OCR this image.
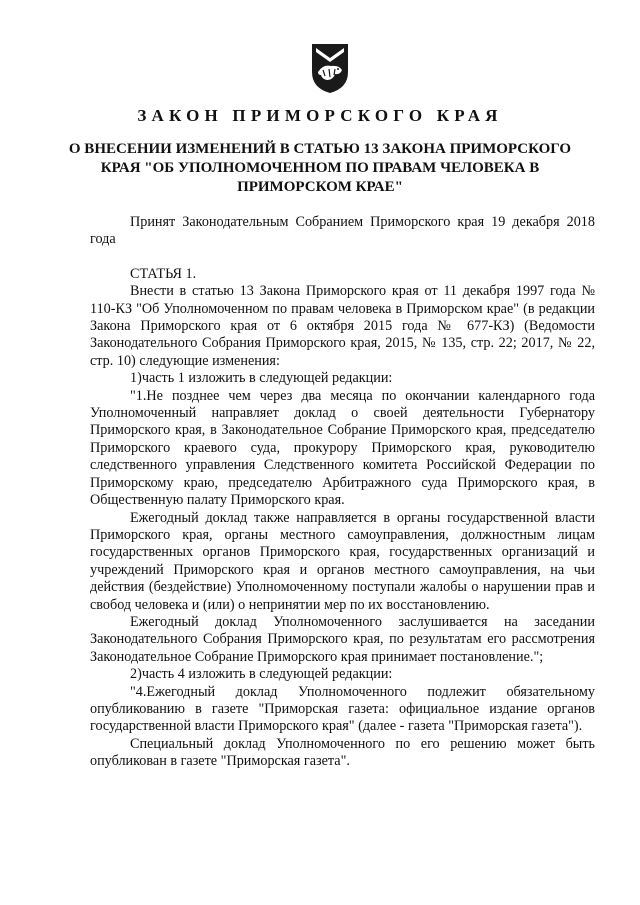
ЗАКОН ПРИМОРСКОГО КРАЯ
О ВНЕСЕНИИ ИЗМЕНЕНИЙ В СТАТЬЮ 13 ЗАКОНА ПРИМОРСКОГО КРАЯ "ОБ УПОЛНОМОЧЕННОМ ПО ПРАВАМ ЧЕЛОВЕКА В ПРИМОРСКОМ КРАЕ"

Принят Законодательным Собранием Приморского края 19 декабря 2018 года

СТАТЬЯ 1.

Внести в статью 13 Закона Приморского края от 11 декабря 1997 года № 110-КЗ "Об Уполномоченном по правам человека в Приморском крае" (в редакции Закона Приморского края от 6 октября 2015 года № 677-КЗ) (Ведомости Законодательного Собрания Приморского края, 2015, № 135, стр. 22; 2017, № 22, стр. 10) следующие изменения:

1)часть 1 изложить в следующей редакции:

"1.Не позднее чем через два месяца по окончании календарного года Уполномоченный направляет доклад о своей деятельности Губернатору Приморского края, в Законодательное Собрание Приморского края, председателю Приморского краевого суда, прокурору Приморского края, руководителю следственного управления Следственного комитета Российской Федерации по Приморскому краю, председателю Арбитражного суда Приморского края, в Общественную палату Приморского края.

Ежегодный доклад также направляется в органы государственной власти Приморского края, органы местного самоуправления, должностным лицам государственных органов Приморского края, государственных организаций и учреждений Приморского края и органов местного самоуправления, на чьи действия (бездействие) Уполномоченному поступали жалобы о нарушении прав и свобод человека и (или) о непринятии мер по их восстановлению.

Ежегодный доклад Уполномоченного заслушивается на заседании Законодательного Собрания Приморского края, по результатам его рассмотрения Законодательное Собрание Приморского края принимает постановление.";

2)часть 4 изложить в следующей редакции:

"4.Ежегодный доклад Уполномоченного подлежит обязательному опубликованию в газете "Приморская газета: официальное издание органов государственной власти Приморского края" (далее - газета "Приморская газета").

Специальный доклад Уполномоченного по его решению может быть опубликован в газете "Приморская газета".
